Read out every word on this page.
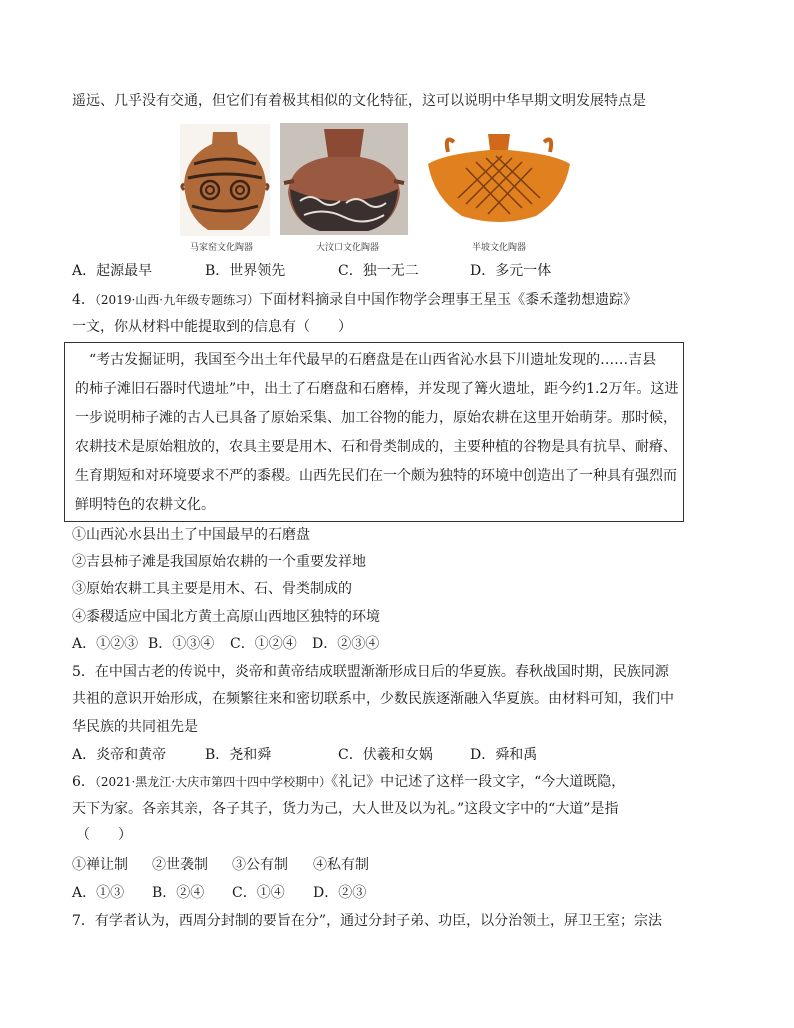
遥远、几乎没有交通，但它们有着极其相似的文化特征，这可以说明中华早期文明发展特点是
马家窑文化陶器	大汶口文化陶器	半坡文化陶器
A．起源最早	B．世界领先	C．独一无二	D．多元一体
4．（2019·山西·九年级专题练习）下面材料摘录自中国作物学会理事王星玉《黍禾蓬勃想遗踪》
一文，你从材料中能提取到的信息有（　　）
“考古发掘证明，我国至今出土年代最早的石磨盘是在山西省沁水县下川遗址发现的……吉县
的柿子滩旧石器时代遗址”中，出土了石磨盘和石磨棒，并发现了篝火遗址，距今约1.2万年。这进
一步说明柿子滩的古人已具备了原始采集、加工谷物的能力，原始农耕在这里开始萌芽。那时候，
农耕技术是原始粗放的，农具主要是用木、石和骨类制成的，主要种植的谷物是具有抗旱、耐瘠、
生育期短和对环境要求不严的黍稷。山西先民们在一个颇为独特的环境中创造出了一种具有强烈而
鲜明特色的农耕文化。
①山西沁水县出土了中国最早的石磨盘
②吉县柿子滩是我国原始农耕的一个重要发祥地
③原始农耕工具主要是用木、石、骨类制成的
④黍稷适应中国北方黄土高原山西地区独特的环境
A．①②③ B．①③④ C．①②④ D．②③④
5．在中国古老的传说中，炎帝和黄帝结成联盟渐渐形成日后的华夏族。春秋战国时期，民族同源
共祖的意识开始形成，在频繁往来和密切联系中，少数民族逐渐融入华夏族。由材料可知，我们中
华民族的共同祖先是
A．炎帝和黄帝	B．尧和舜	C．伏羲和女娲	D．舜和禹
6．（2021·黑龙江·大庆市第四十四中学校期中）《礼记》中记述了这样一段文字，“今大道既隐，
天下为家。各亲其亲，各子其子，货力为己，大人世及以为礼。”这段文字中的“大道”是指
（　　）
①禅让制 ②世袭制 ③公有制 ④私有制
A．①③ B．②④ C．①④ D．②③
7．有学者认为，西周分封制的要旨在分”，通过分封子弟、功臣，以分治领土，屏卫王室；宗法
